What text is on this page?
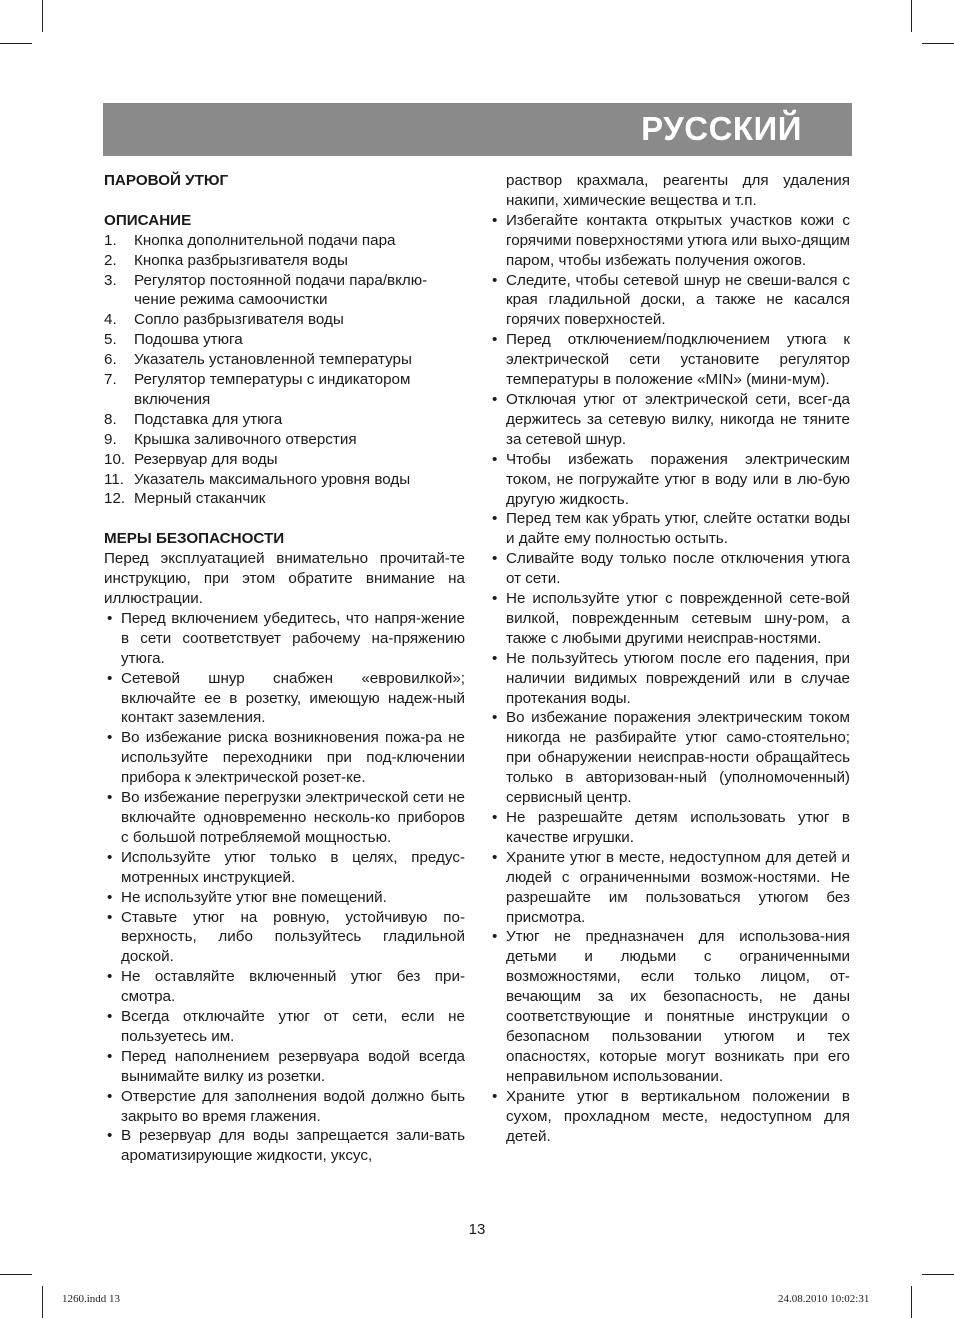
РУССКИЙ
ПАРОВОЙ УТЮГ
ОПИСАНИЕ
1. Кнопка дополнительной подачи пара
2. Кнопка разбрызгивателя воды
3. Регулятор постоянной подачи пара/вклю-чение режима самоочистки
4. Сопло разбрызгивателя воды
5. Подошва утюга
6. Указатель установленной температуры
7. Регулятор температуры с индикатором включения
8. Подставка для утюга
9. Крышка заливочного отверстия
10. Резервуар для воды
11. Указатель максимального уровня воды
12. Мерный стаканчик
МЕРЫ БЕЗОПАСНОСТИ
Перед эксплуатацией внимательно прочитай-те инструкцию, при этом обратите внимание на иллюстрации.
• Перед включением убедитесь, что напря-жение в сети соответствует рабочему на-пряжению утюга.
• Сетевой шнур снабжен «евровилкой»; включайте ее в розетку, имеющую надеж-ный контакт заземления.
• Во избежание риска возникновения пожа-ра не используйте переходники при под-ключении прибора к электрической розет-ке.
• Во избежание перегрузки электрической сети не включайте одновременно несколь-ко приборов с большой потребляемой мощностью.
• Используйте утюг только в целях, предус-мотренных инструкцией.
• Не используйте утюг вне помещений.
• Ставьте утюг на ровную, устойчивую по-верхность, либо пользуйтесь гладильной доской.
• Не оставляйте включенный утюг без при-смотра.
• Всегда отключайте утюг от сети, если не пользуетесь им.
• Перед наполнением резервуара водой всегда вынимайте вилку из розетки.
• Отверстие для заполнения водой должно быть закрыто во время глажения.
• В резервуар для воды запрещается зали-вать ароматизирующие жидкости, уксус,
раствор крахмала, реагенты для удаления накипи, химические вещества и т.п.
• Избегайте контакта открытых участков кожи с горячими поверхностями утюга или выхо-дящим паром, чтобы избежать получения ожогов.
• Следите, чтобы сетевой шнур не свеши-вался с края гладильной доски, а также не касался горячих поверхностей.
• Перед отключением/подключением утюга к электрической сети установите регулятор температуры в положение «MIN» (мини-мум).
• Отключая утюг от электрической сети, всег-да держитесь за сетевую вилку, никогда не тяните за сетевой шнур.
• Чтобы избежать поражения электрическим током, не погружайте утюг в воду или в лю-бую другую жидкость.
• Перед тем как убрать утюг, слейте остатки воды и дайте ему полностью остыть.
• Сливайте воду только после отключения утюга от сети.
• Не используйте утюг с поврежденной сете-вой вилкой, поврежденным сетевым шну-ром, а также с любыми другими неисправ-ностями.
• Не пользуйтесь утюгом после его падения, при наличии видимых повреждений или в случае протекания воды.
• Во избежание поражения электрическим током никогда не разбирайте утюг само-стоятельно; при обнаружении неисправ-ности обращайтесь только в авторизован-ный (уполномоченный) сервисный центр.
• Не разрешайте детям использовать утюг в качестве игрушки.
• Храните утюг в месте, недоступном для детей и людей с ограниченными возмож-ностями. Не разрешайте им пользоваться утюгом без присмотра.
• Утюг не предназначен для использова-ния детьми и людьми с ограниченными возможностями, если только лицом, от-вечающим за их безопасность, не даны соответствующие и понятные инструкции о безопасном пользовании утюгом и тех опасностях, которые могут возникать при его неправильном использовании.
• Храните утюг в вертикальном положении в сухом, прохладном месте, недоступном для детей.
13
1260.indd 13	24.08.2010 10:02:31
